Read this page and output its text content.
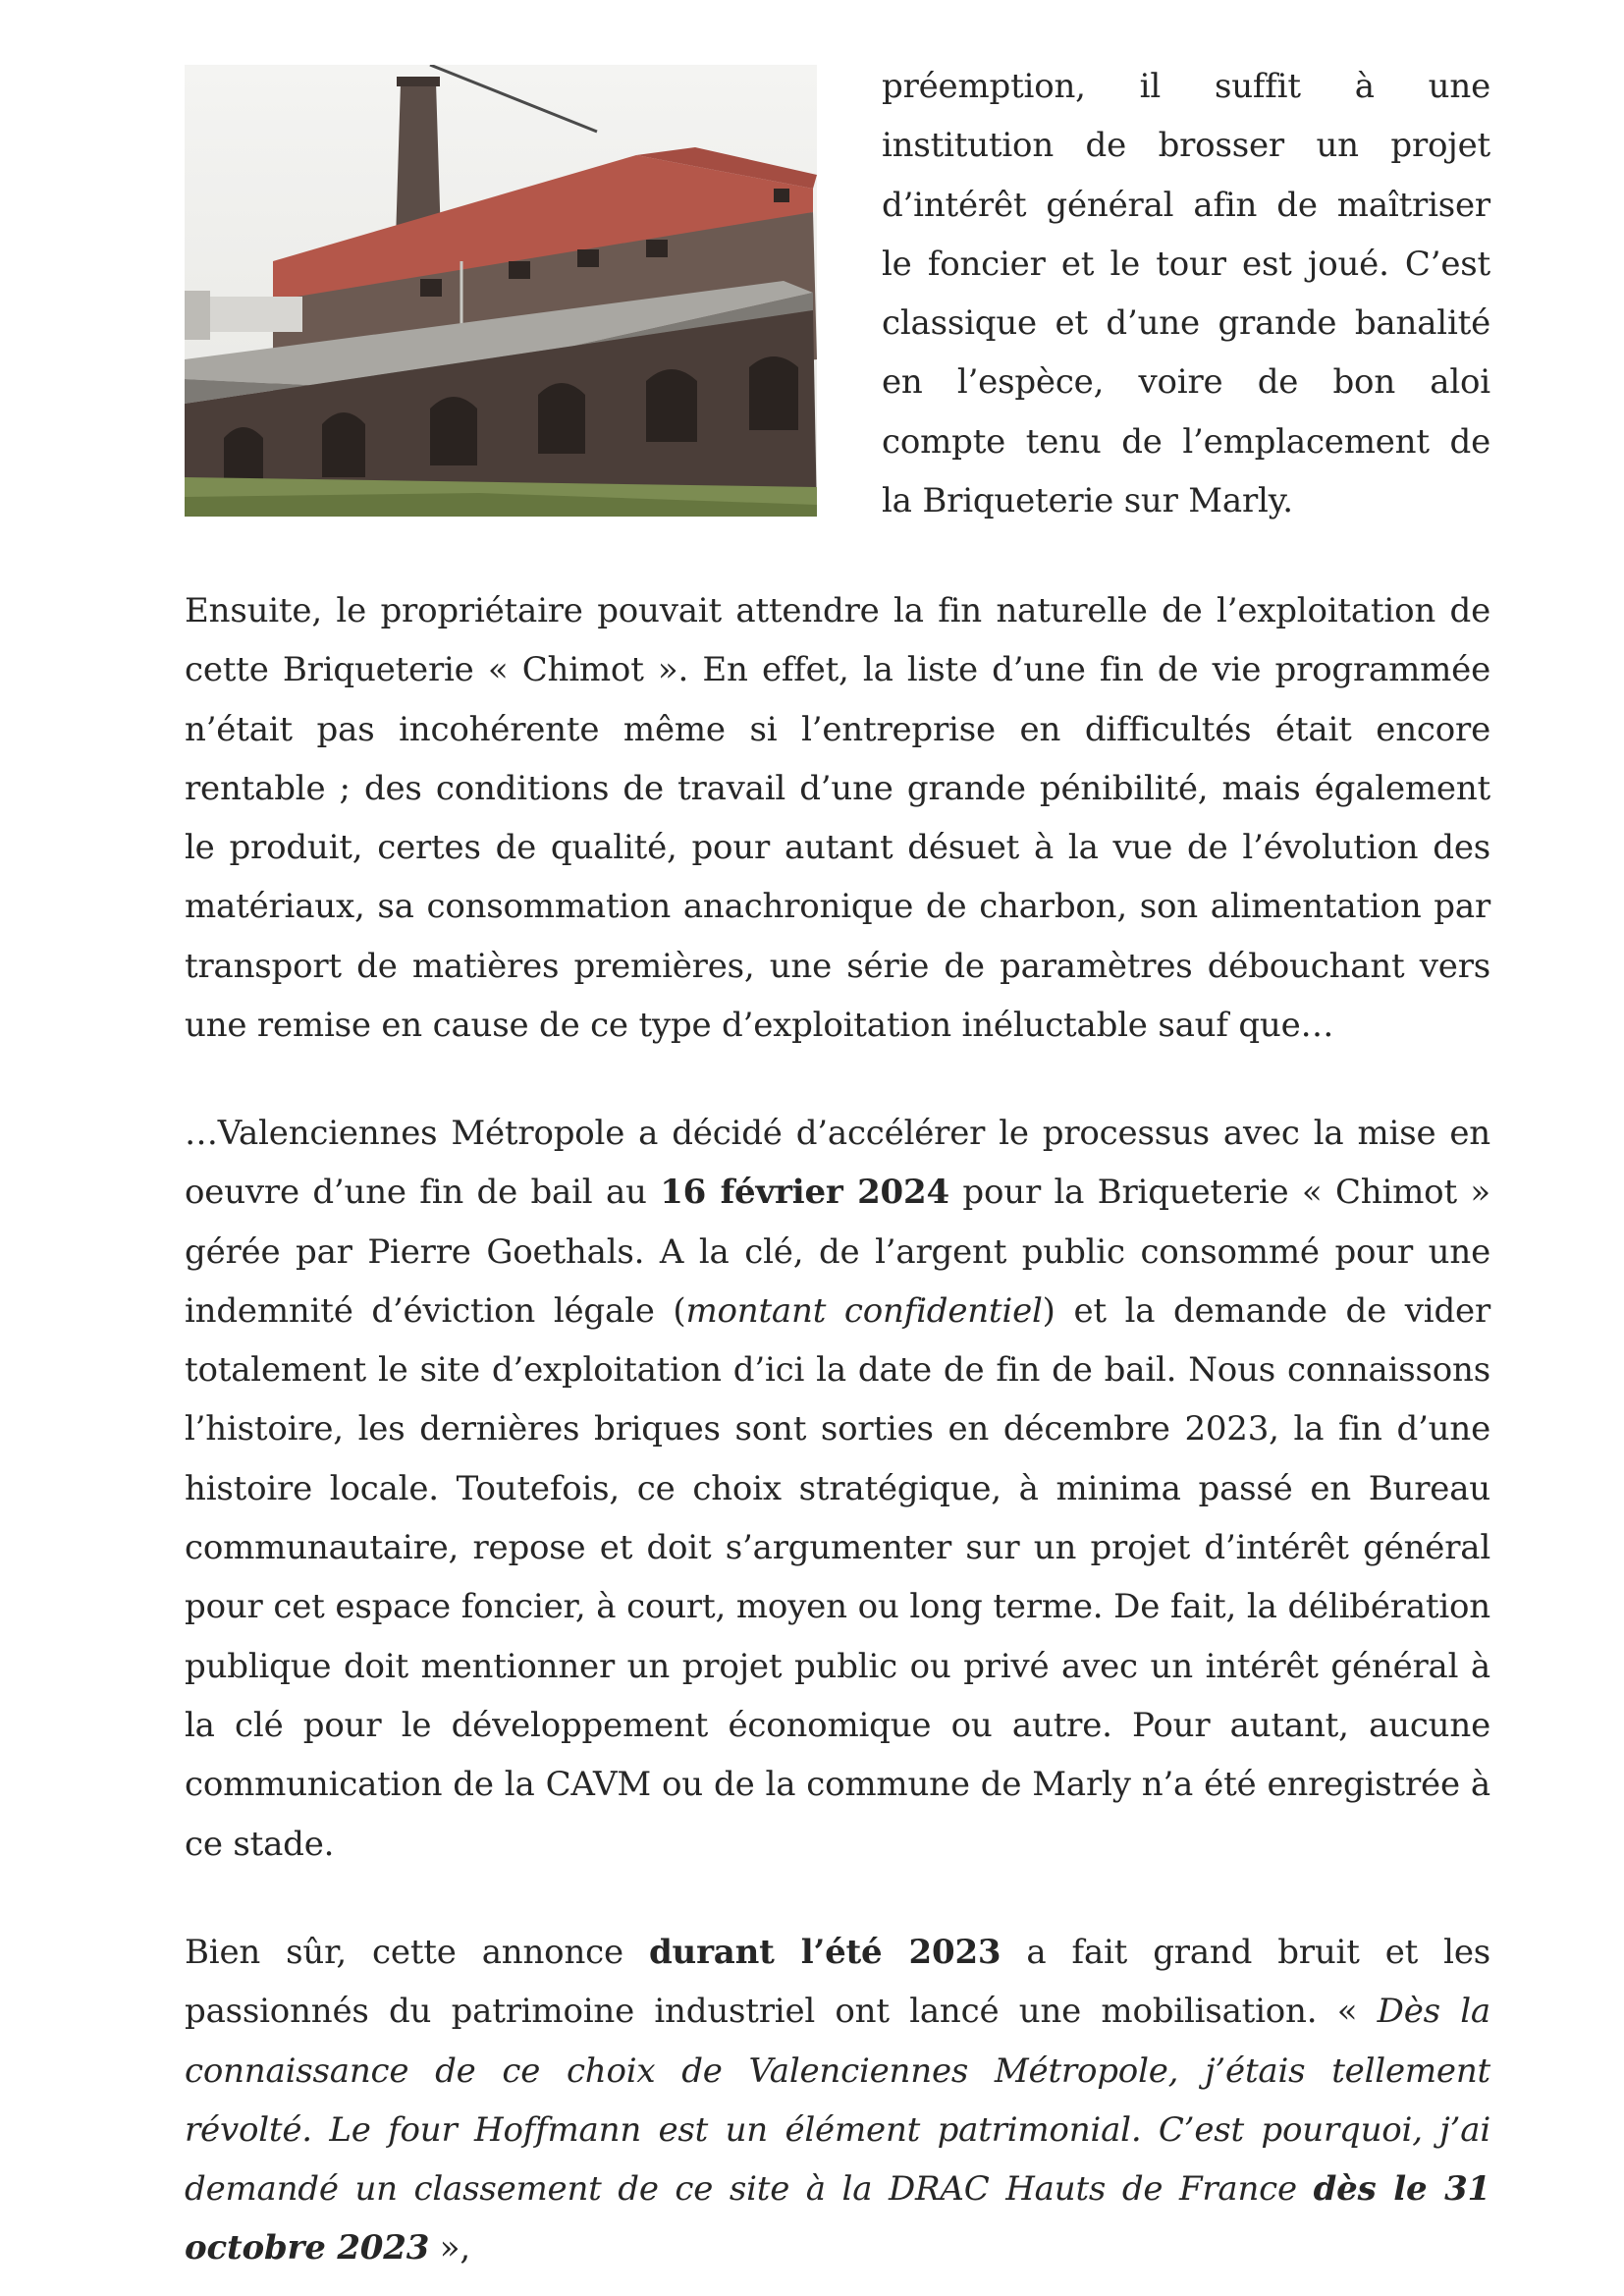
préemption, il suffit à une institution de brosser un projet d’intérêt général afin de maîtriser le foncier et le tour est joué. C’est classique et d’une grande banalité en l’espèce, voire de bon aloi compte tenu de l’emplacement de la Briqueterie sur Marly.

Ensuite, le propriétaire pouvait attendre la fin naturelle de l’exploitation de cette Briqueterie « Chimot ». En effet, la liste d’une fin de vie programmée n’était pas incohérente même si l’entreprise en difficultés était encore rentable ; des conditions de travail d’une grande pénibilité, mais également le produit, certes de qualité, pour autant désuet à la vue de l’évolution des matériaux, sa consommation anachronique de charbon, son alimentation par transport de matières premières, une série de paramètres débouchant vers une remise en cause de ce type d’exploitation inéluctable sauf que…

…Valenciennes Métropole a décidé d’accélérer le processus avec la mise en oeuvre d’une fin de bail au 16 février 2024 pour la Briqueterie « Chimot » gérée par Pierre Goethals. A la clé, de l’argent public consommé pour une indemnité d’éviction légale (montant confidentiel) et la demande de vider totalement le site d’exploitation d’ici la date de fin de bail. Nous connaissons l’histoire, les dernières briques sont sorties en décembre 2023, la fin d’une histoire locale. Toutefois, ce choix stratégique, à minima passé en Bureau communautaire, repose et doit s’argumenter sur un projet d’intérêt général pour cet espace foncier, à court, moyen ou long terme. De fait, la délibération publique doit mentionner un projet public ou privé avec un intérêt général à la clé pour le développement économique ou autre. Pour autant, aucune communication de la CAVM ou de la commune de Marly n’a été enregistrée à ce stade.

Bien sûr, cette annonce durant l’été 2023 a fait grand bruit et les passionnés du patrimoine industriel ont lancé une mobilisation. « Dès la connaissance de ce choix de Valenciennes Métropole, j’étais tellement révolté. Le four Hoffmann est un élément patrimonial. C’est pourquoi, j’ai demandé un classement de ce site à la DRAC Hauts de France dès le 31 octobre 2023 »,
